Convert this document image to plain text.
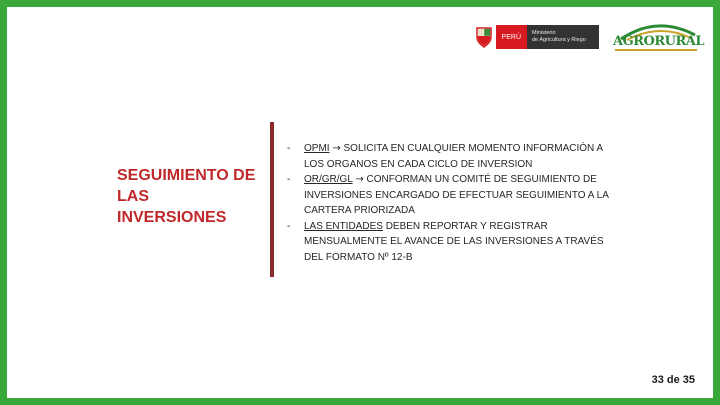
PERÚ
Ministerio
de Agricultura y Riego	AGRORURAL
SEGUIMIENTO DE LAS INVERSIONES
- OPMI → SOLICITA EN CUALQUIER MOMENTO INFORMACIÓN A LOS ORGANOS EN CADA CICLO DE INVERSION
- OR/GR/GL → CONFORMAN UN COMITÉ DE SEGUIMIENTO DE INVERSIONES ENCARGADO DE EFECTUAR SEGUIMIENTO A LA CARTERA PRIORIZADA
- LAS ENTIDADES DEBEN REPORTAR Y REGISTRAR MENSUALMENTE EL AVANCE DE LAS INVERSIONES A TRAVÉS DEL FORMATO Nº 12-B
33 de 35
